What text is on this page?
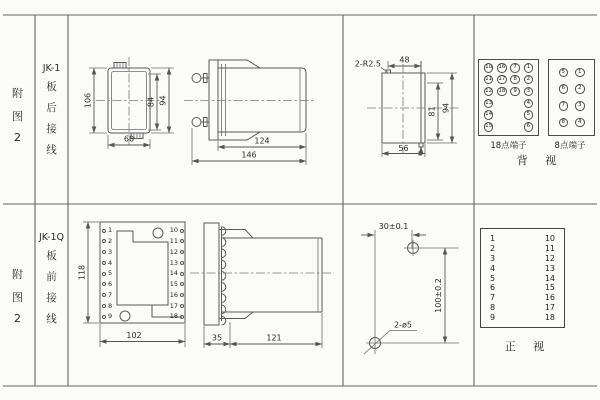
106	84 94
60	124
146
48
2-R2.5
81 94
56
118
102	35	121
30±0.1
2-ø5
100±0.2
附
图
2
JK-1
板
后
接
线
附
图
2
JK-1Q
板
前
接
线
10 16	7	1
11 17	8	2
12 18	9	3
13	4
14	5
15	6
5	1
6	2
7	3
8	4
18点端子	8点端子
背 视
1
2
3
4
5
6
7
8
9
10
11
12
13
14
15
16
17
18
1	10
2	11
3	12
4	13
5	14
6	15
7	16
8	17
9	18
正 视
